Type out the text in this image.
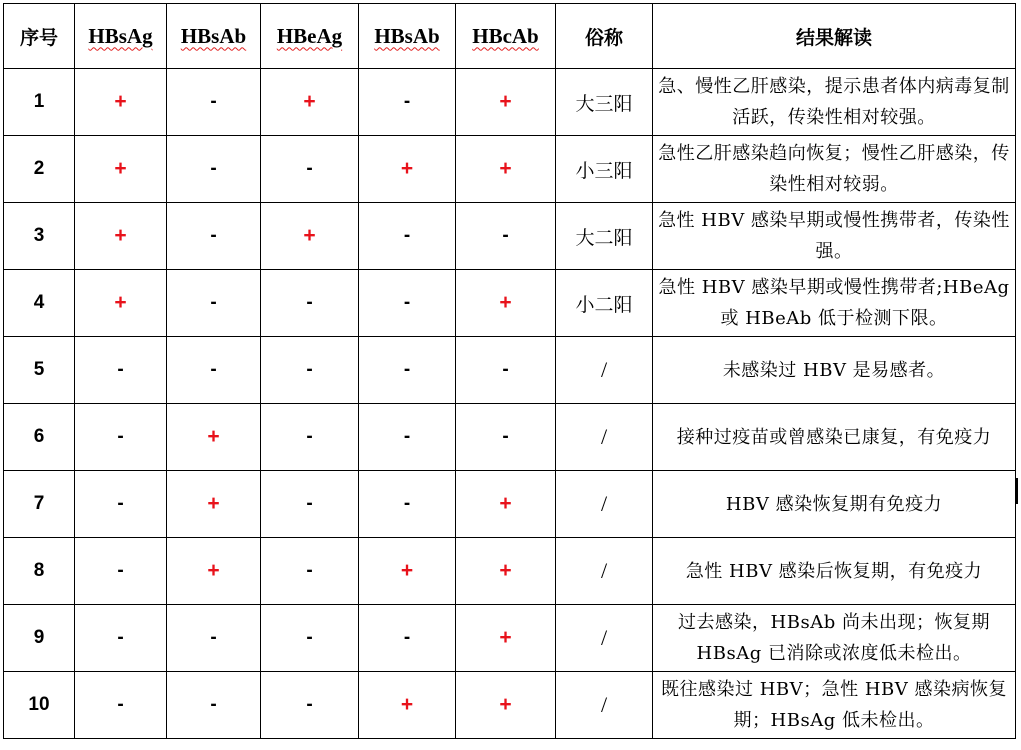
序号	HBsAg	HBsAb	HBeAg	HBsAb	HBcAb	俗称	结果解读
1	+	-	+	-	+	大三阳	急、慢性乙肝感染，提示患者体内病毒复制活跃，传染性相对较强。
2	+	-	-	+	+	小三阳	急性乙肝感染趋向恢复；慢性乙肝感染，传染性相对较弱。
3	+	-	+	-	-	大二阳	急性 HBV 感染早期或慢性携带者，传染性强。
4	+	-	-	-	+	小二阳	急性 HBV 感染早期或慢性携带者;HBeAg 或 HBeAb 低于检测下限。
5	-	-	-	-	-	/	未感染过 HBV 是易感者。
6	-	+	-	-	-	/	接种过疫苗或曾感染已康复，有免疫力
7	-	+	-	-	+	/	HBV 感染恢复期有免疫力
8	-	+	-	+	+	/	急性 HBV 感染后恢复期，有免疫力
9	-	-	-	-	+	/	过去感染，HBsAb 尚未出现；恢复期 HBsAg 已消除或浓度低未检出。
10	-	-	-	+	+	/	既往感染过 HBV；急性 HBV 感染病恢复期；HBsAg 低未检出。
